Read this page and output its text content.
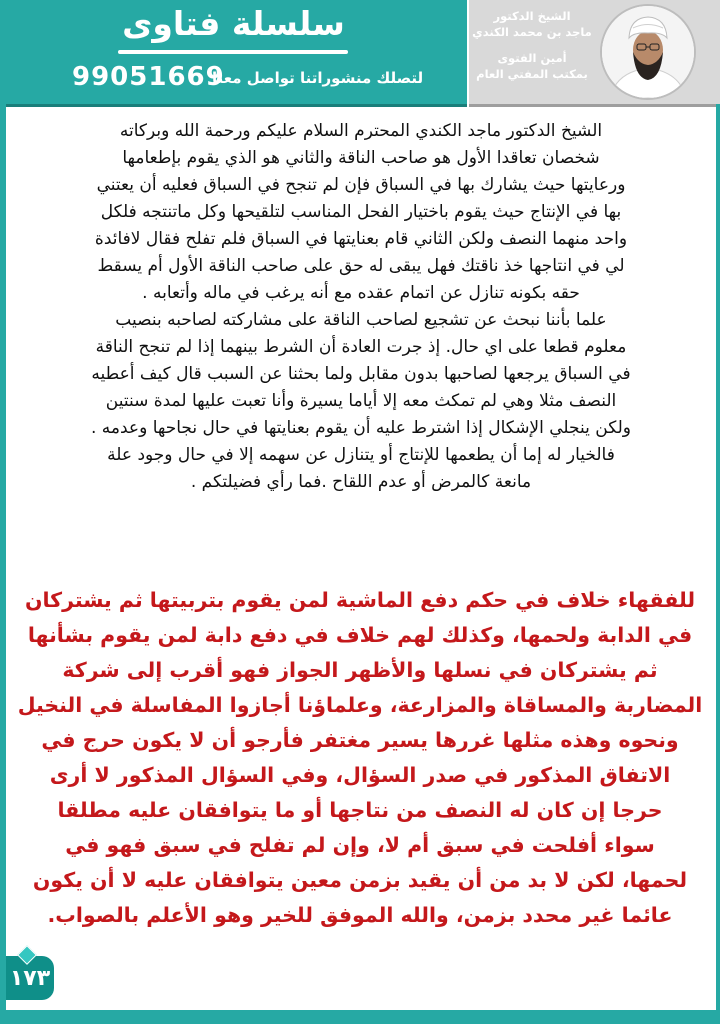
سلسلة فتاوى
99051669
لتصلك منشوراتنا تواصل معنا
الشيخ الدكتور
ماجد بن محمد الكندي
أمين الفتوى
بمكتب المفتي العام
الشيخ الدكتور ماجد الكندي المحترم السلام عليكم ورحمة الله وبركاته
شخصان تعاقدا الأول هو صاحب الناقة والثاني هو الذي يقوم بإطعامها
ورعايتها حيث يشارك بها في السباق فإن لم تنجح في السباق فعليه أن يعتني
بها في الإنتاج حيث يقوم باختيار الفحل المناسب لتلقيحها وكل ماتنتجه فلكل
واحد منهما النصف ولكن الثاني قام بعنايتها في السباق فلم تفلح فقال لافائدة
لي في انتاجها خذ ناقتك فهل يبقى له حق على صاحب الناقة الأول أم يسقط
حقه بكونه تنازل عن اتمام عقده مع أنه يرغب في ماله وأتعابه .
علما بأننا نبحث عن تشجيع لصاحب الناقة على مشاركته لصاحبه بنصيب
معلوم قطعا على اي حال. إذ جرت العادة أن الشرط بينهما إذا لم تنجح الناقة
في السباق يرجعها لصاحبها بدون مقابل ولما بحثنا عن السبب قال كيف أعطيه
النصف مثلا وهي لم تمكث معه إلا أياما يسيرة وأنا تعبت عليها لمدة سنتين
ولكن ينجلي الإشكال إذا اشترط عليه أن يقوم بعنايتها في حال نجاحها وعدمه .
فالخيار له إما أن يطعمها للإنتاج أو يتنازل عن سهمه إلا في حال وجود علة
مانعة كالمرض أو عدم اللقاح .فما رأي فضيلتكم .
للفقهاء خلاف في حكم دفع الماشية لمن يقوم بتربيتها ثم يشتركان
في الدابة ولحمها، وكذلك لهم خلاف في دفع دابة لمن يقوم بشأنها
ثم يشتركان في نسلها والأظهر الجواز فهو أقرب إلى شركة
المضاربة والمساقاة والمزارعة، وعلماؤنا أجازوا المفاسلة في النخيل
ونحوه وهذه مثلها غررها يسير مغتفر فأرجو أن لا يكون حرج في
الاتفاق المذكور في صدر السؤال، وفي السؤال المذكور لا أرى
حرجا إن كان له النصف من نتاجها أو ما يتوافقان عليه مطلقا
سواء أفلحت في سبق أم لا، وإن لم تفلح في سبق فهو في
لحمها، لكن لا بد من أن يقيد بزمن معين يتوافقان عليه لا أن يكون
عائما غير محدد بزمن، والله الموفق للخير وهو الأعلم بالصواب.
١٧٣
